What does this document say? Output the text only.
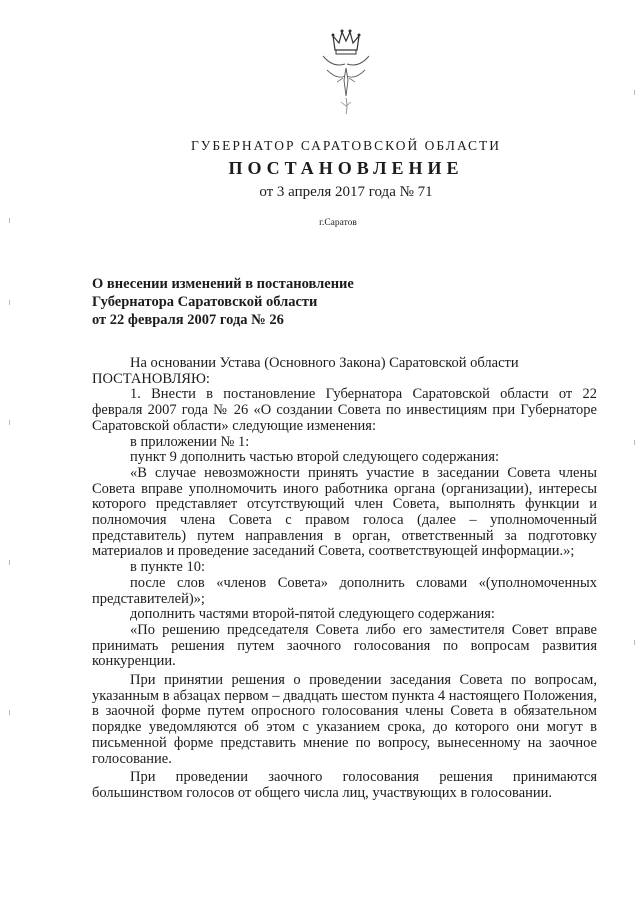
ГУБЕРНАТОР САРАТОВСКОЙ ОБЛАСТИ
ПОСТАНОВЛЕНИЕ
от 3 апреля 2017 года № 71
г.Саратов
О внесении изменений в постановление
Губернатора Саратовской области
от 22 февраля 2007 года № 26

На основании Устава (Основного Закона) Саратовской области

ПОСТАНОВЛЯЮ:

1. Внести в постановление Губернатора Саратовской области от 22 февраля 2007 года № 26 «О создании Совета по инвестициям при Губернаторе Саратовской области» следующие изменения:

в приложении № 1:

пункт 9 дополнить частью второй следующего содержания:

«В случае невозможности принять участие в заседании Совета члены Совета вправе уполномочить иного работника органа (организации), интересы которого представляет отсутствующий член Совета, выполнять функции и полномочия члена Совета с правом голоса (далее – уполномоченный представитель) путем направления в орган, ответственный за подготовку материалов и проведение заседаний Совета, соответствующей информации.»;

в пункте 10:

после слов «членов Совета» дополнить словами «(уполномоченных представителей)»;

дополнить частями второй-пятой следующего содержания:

«По решению председателя Совета либо его заместителя Совет вправе принимать решения путем заочного голосования по вопросам развития конкуренции.

При принятии решения о проведении заседания Совета по вопросам, указанным в абзацах первом – двадцать шестом пункта 4 настоящего Положения, в заочной форме путем опросного голосования члены Совета в обязательном порядке уведомляются об этом с указанием срока, до которого они могут в письменной форме представить мнение по вопросу, вынесенному на заочное голосование.

При проведении заочного голосования решения принимаются большинством голосов от общего числа лиц, участвующих в голосовании.
